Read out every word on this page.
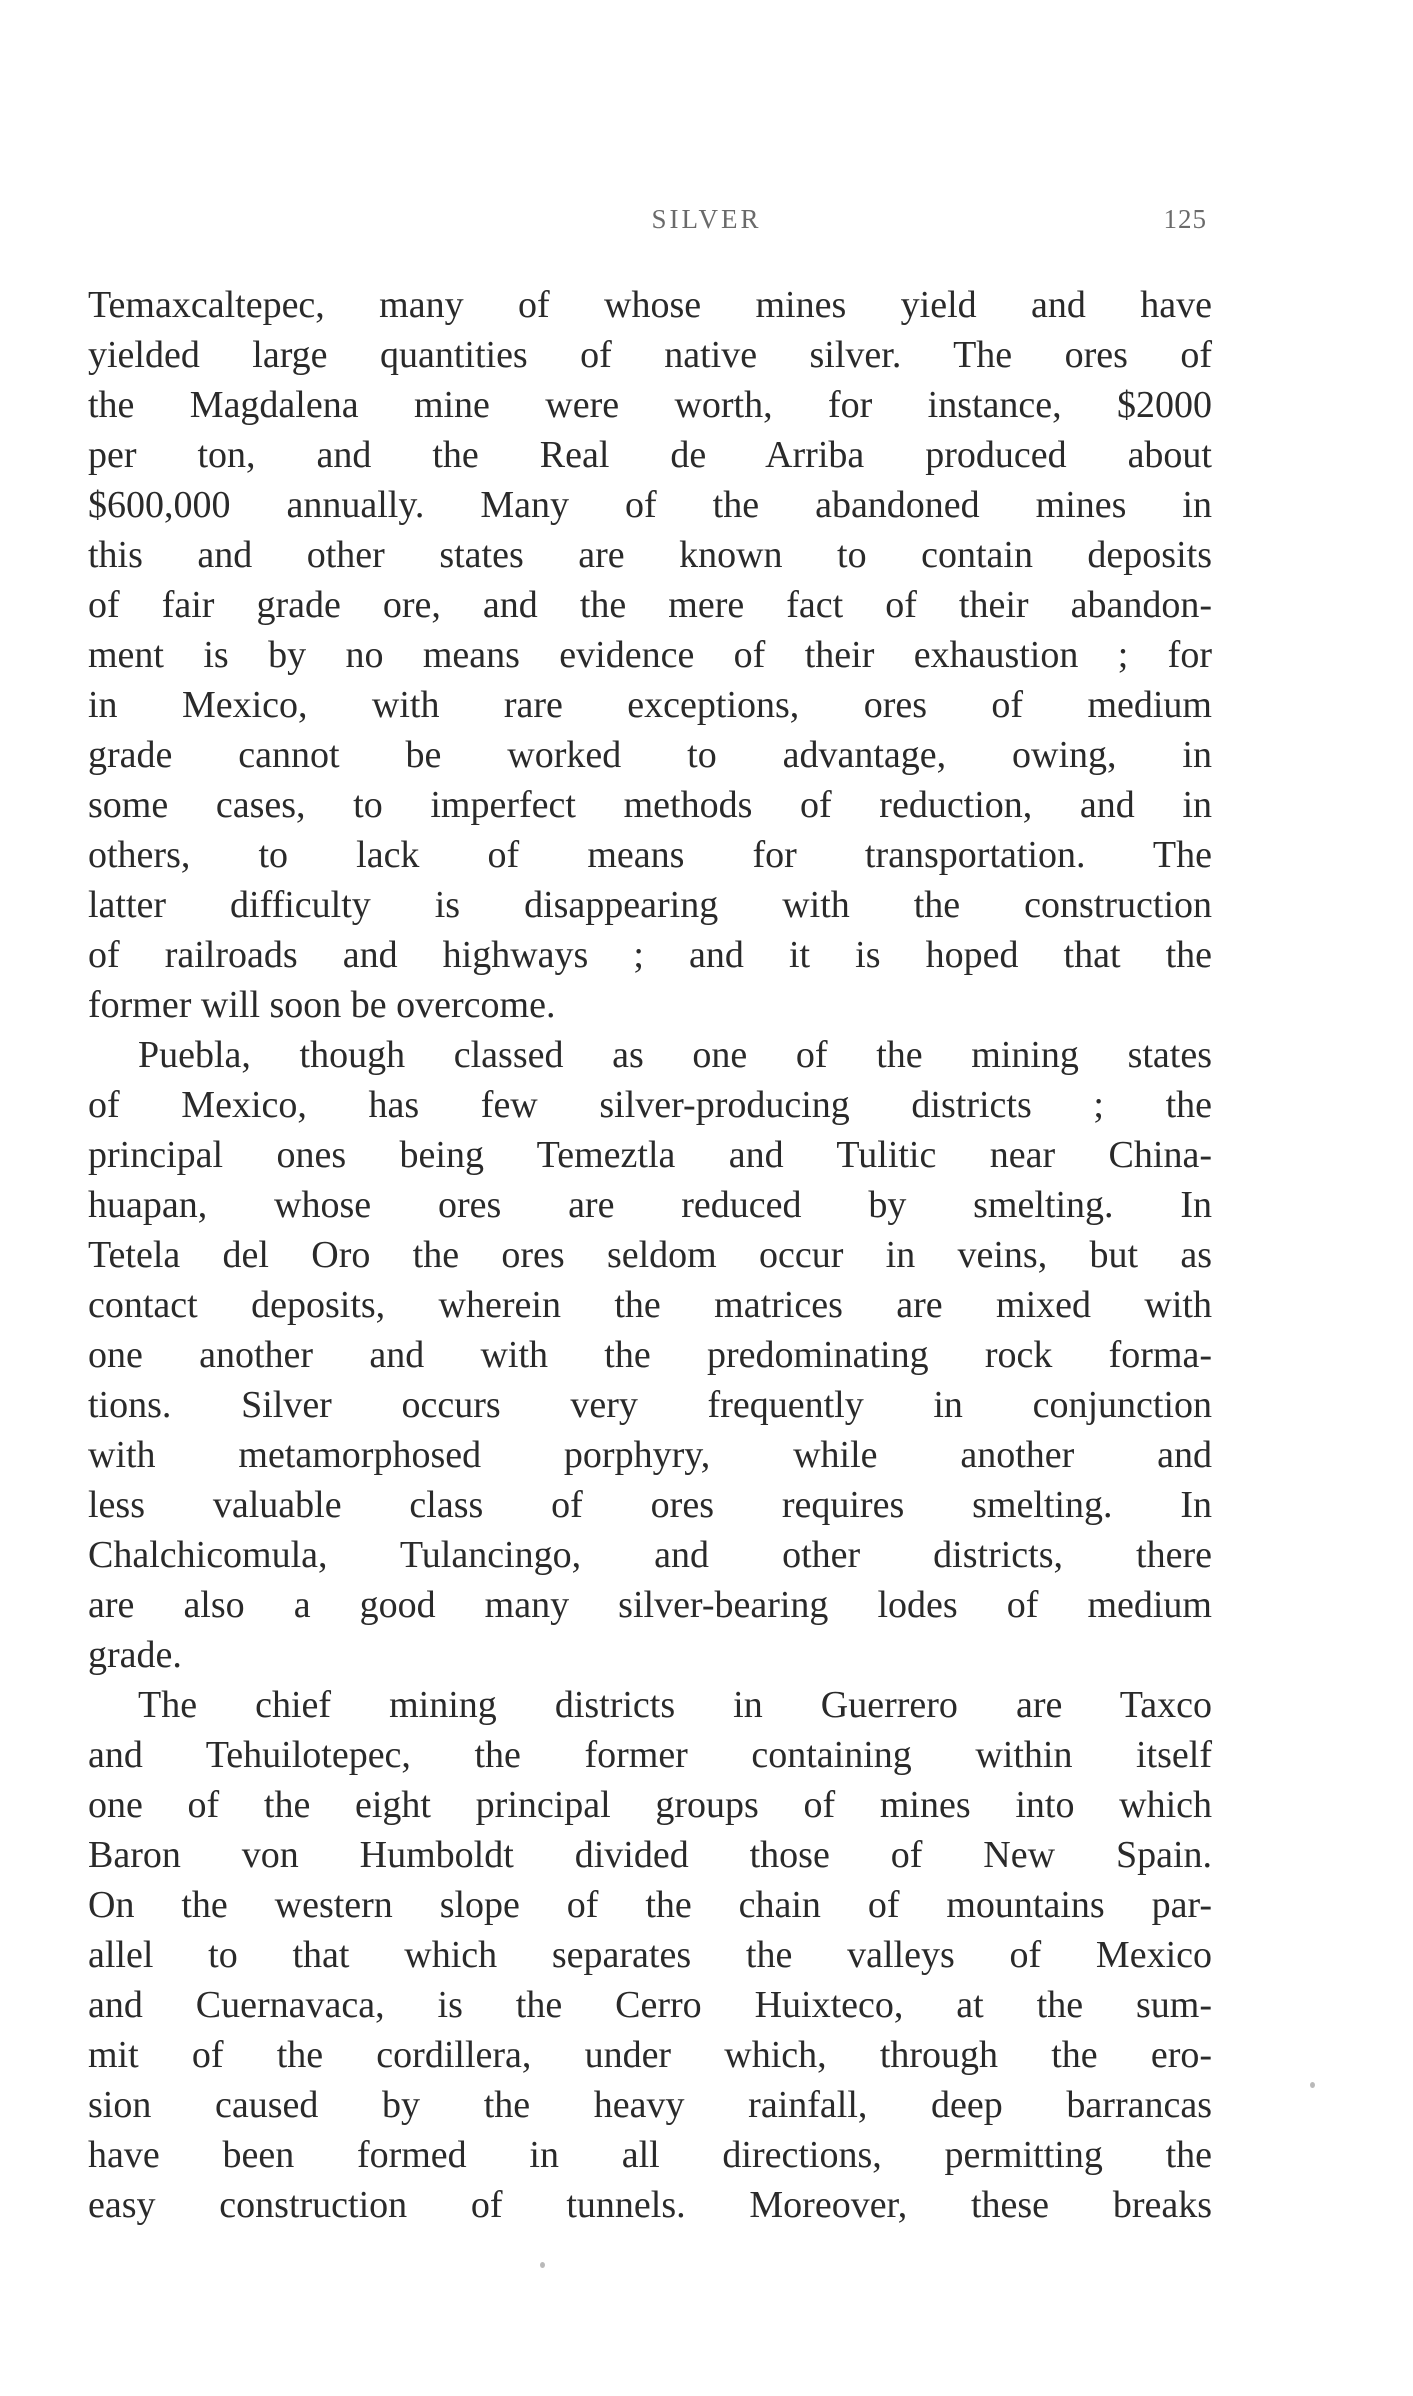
SILVER	125
Temaxcaltepec, many of whose mines yield and have
yielded large quantities of native silver. The ores of
the Magdalena mine were worth, for instance, $2000
per ton, and the Real de Arriba produced about
$600,000 annually. Many of the abandoned mines in
this and other states are known to contain deposits
of fair grade ore, and the mere fact of their abandon-
ment is by no means evidence of their exhaustion ; for
in Mexico, with rare exceptions, ores of medium
grade cannot be worked to advantage, owing, in
some cases, to imperfect methods of reduction, and in
others, to lack of means for transportation. The
latter difficulty is disappearing with the construction
of railroads and highways ; and it is hoped that the
former will soon be overcome.
Puebla, though classed as one of the mining states
of Mexico, has few silver-producing districts ; the
principal ones being Temeztla and Tulitic near China-
huapan, whose ores are reduced by smelting. In
Tetela del Oro the ores seldom occur in veins, but as
contact deposits, wherein the matrices are mixed with
one another and with the predominating rock forma-
tions. Silver occurs very frequently in conjunction
with metamorphosed porphyry, while another and
less valuable class of ores requires smelting. In
Chalchicomula, Tulancingo, and other districts, there
are also a good many silver-bearing lodes of medium
grade.
The chief mining districts in Guerrero are Taxco
and Tehuilotepec, the former containing within itself
one of the eight principal groups of mines into which
Baron von Humboldt divided those of New Spain.
On the western slope of the chain of mountains par-
allel to that which separates the valleys of Mexico
and Cuernavaca, is the Cerro Huixteco, at the sum-
mit of the cordillera, under which, through the ero-
sion caused by the heavy rainfall, deep barrancas
have been formed in all directions, permitting the
easy construction of tunnels. Moreover, these breaks
